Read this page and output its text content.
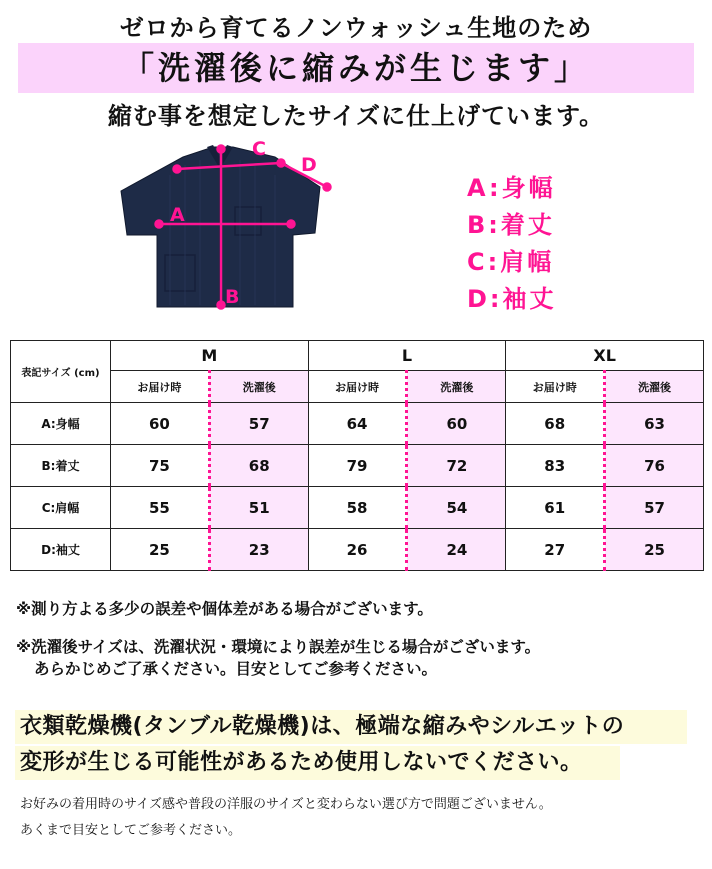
ゼロから育てるノンウォッシュ生地のため
「洗濯後に縮みが生じます」
縮む事を想定したサイズに仕上げています。
A
B
C
D
A:身幅
B:着丈
C:肩幅
D:袖丈
表記サイズ (cm)	M		L		XL	
	お届け時	洗濯後	お届け時	洗濯後	お届け時	洗濯後
A:身幅	60	57	64	60	68	63
B:着丈	75	68	79	72	83	76
C:肩幅	55	51	58	54	61	57
D:袖丈	25	23	26	24	27	25
※測り方よる多少の誤差や個体差がある場合がございます。
※洗濯後サイズは、洗濯状況・環境により誤差が生じる場合がございます。
あらかじめご了承ください。目安としてご参考ください。
衣類乾燥機(タンブル乾燥機)は、極端な縮みやシルエットの
変形が生じる可能性があるため使用しないでください。
お好みの着用時のサイズ感や普段の洋服のサイズと変わらない選び方で問題ございません。
あくまで目安としてご参考ください。
